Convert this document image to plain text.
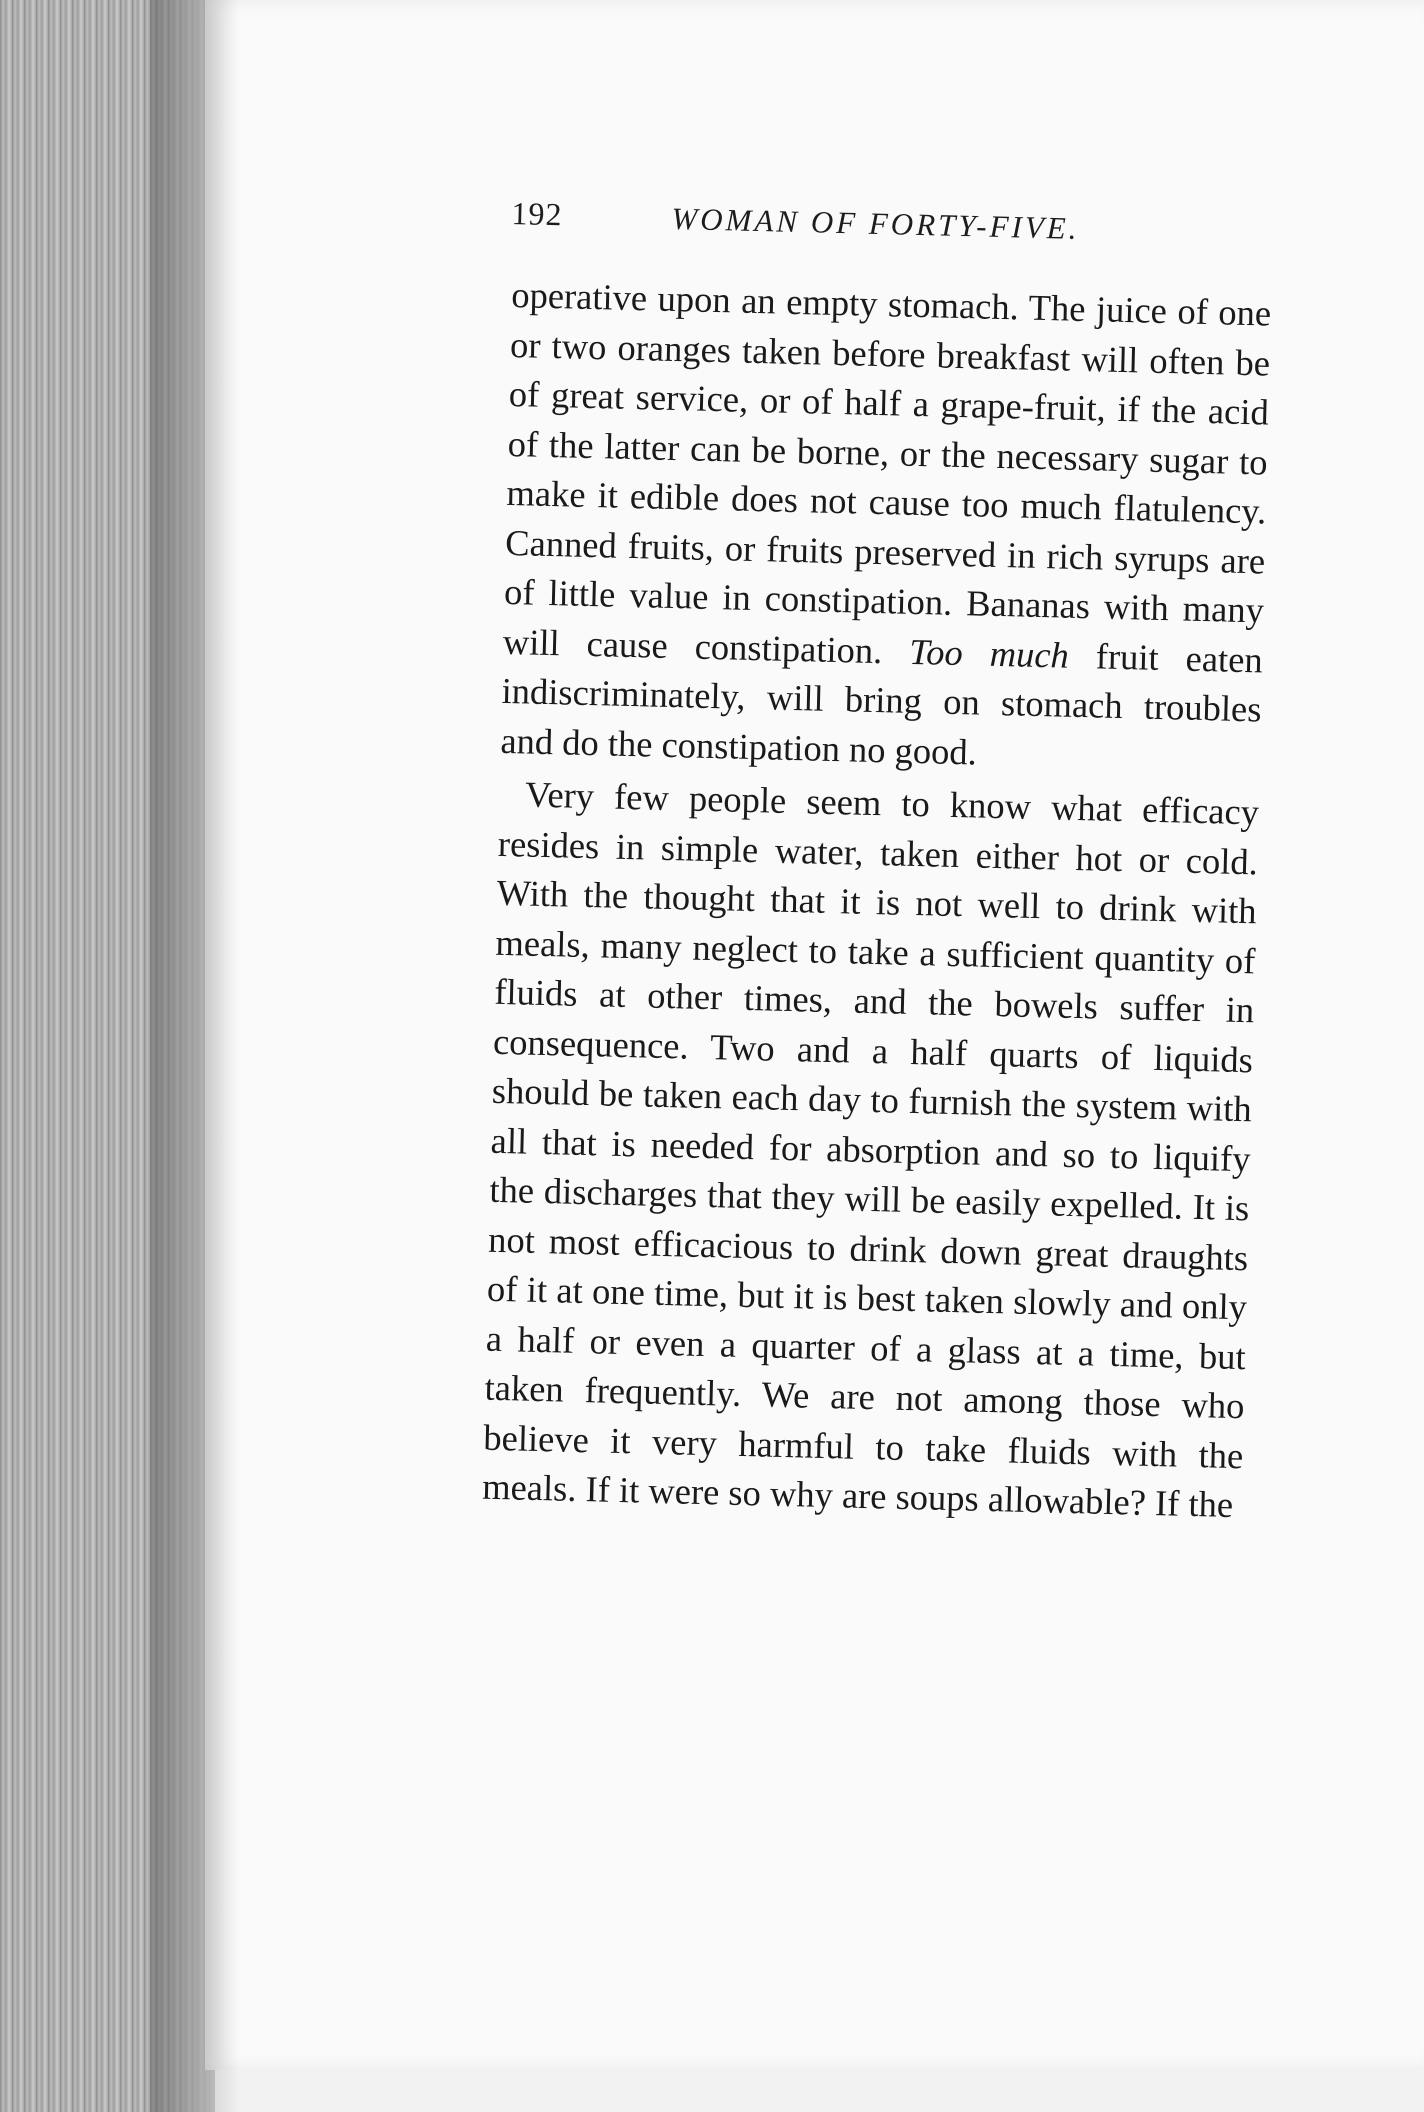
192	WOMAN OF FORTY-FIVE.

operative upon an empty stomach. The juice of one or two oranges taken before breakfast will often be of great service, or of half a grape-fruit, if the acid of the latter can be borne, or the necessary sugar to make it edible does not cause too much flatulency. Canned fruits, or fruits preserved in rich syrups are of little value in constipation. Bananas with many will cause constipation. Too much fruit eaten indiscriminately, will bring on stomach troubles and do the constipation no good.

Very few people seem to know what efficacy resides in simple water, taken either hot or cold. With the thought that it is not well to drink with meals, many neglect to take a sufficient quantity of fluids at other times, and the bowels suffer in consequence. Two and a half quarts of liquids should be taken each day to furnish the system with all that is needed for absorption and so to liquify the discharges that they will be easily expelled. It is not most efficacious to drink down great draughts of it at one time, but it is best taken slowly and only a half or even a quarter of a glass at a time, but taken frequently. We are not among those who believe it very harmful to take fluids with the meals. If it were so why are soups allowable? If the
